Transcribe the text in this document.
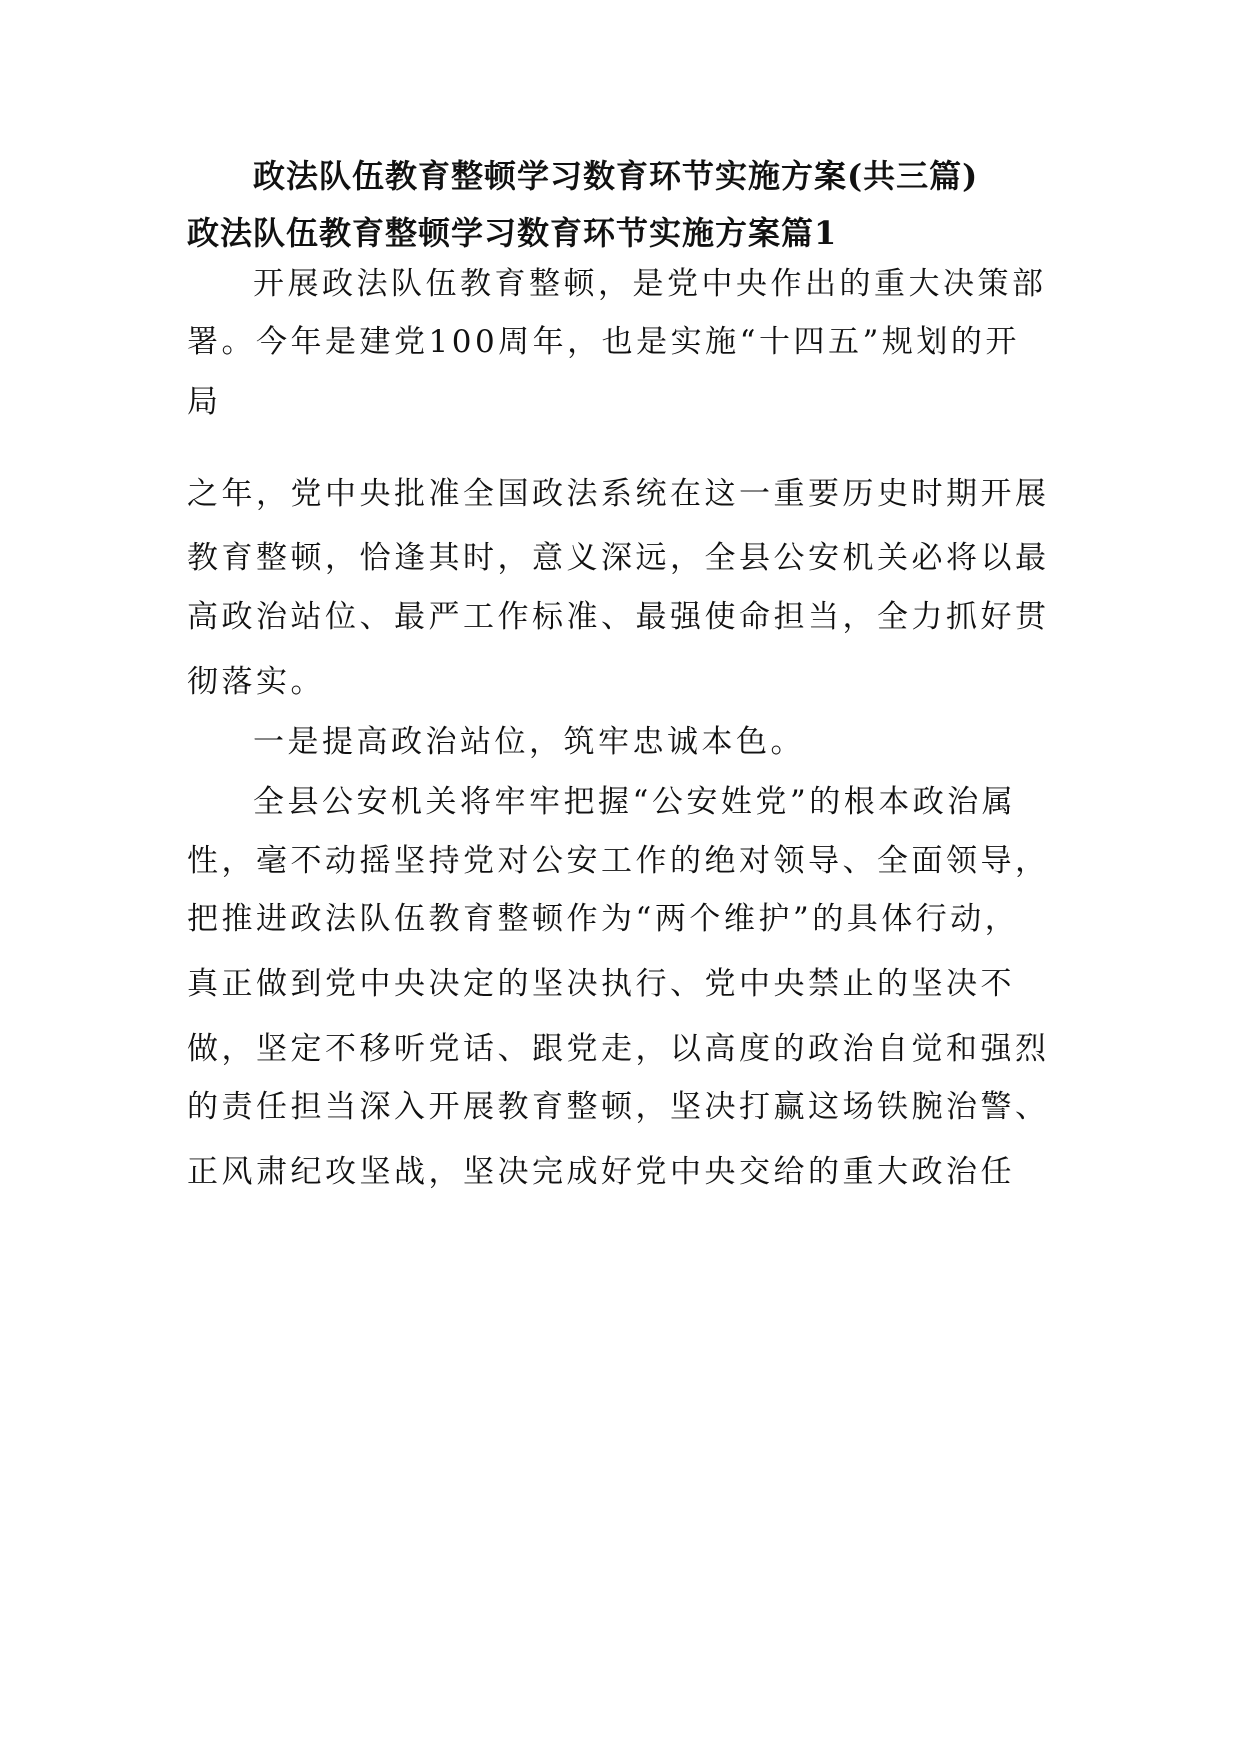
政法队伍教育整顿学习数育环节实施方案(共三篇)
政法队伍教育整顿学习数育环节实施方案篇1
开展政法队伍教育整顿，是党中央作出的重大决策部
署。今年是建党100周年，也是实施“十四五”规划的开
局
之年，党中央批准全国政法系统在这一重要历史时期开展
教育整顿，恰逢其时，意义深远，全县公安机关必将以最
高政治站位、最严工作标准、最强使命担当，全力抓好贯
彻落实。
一是提高政治站位，筑牢忠诚本色。
全县公安机关将牢牢把握“公安姓党”的根本政治属
性，毫不动摇坚持党对公安工作的绝对领导、全面领导，
把推进政法队伍教育整顿作为“两个维护”的具体行动，
真正做到党中央决定的坚决执行、党中央禁止的坚决不
做，坚定不移听党话、跟党走，以高度的政治自觉和强烈
的责任担当深入开展教育整顿，坚决打赢这场铁腕治警、
正风肃纪攻坚战，坚决完成好党中央交给的重大政治任
